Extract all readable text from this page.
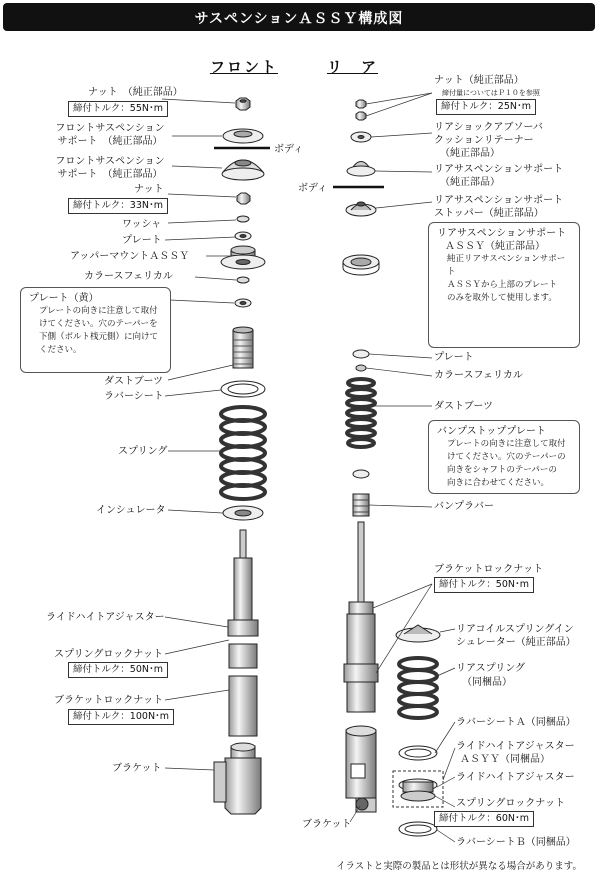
サスペンションＡＳＳＹ構成図
フロント	リ　ア
ナット　（純正部品）
締付トルク：55N･m
フロントサスペンション
サポート　（純正部品）
ボディ
フロントサスペンション
サポート　（純正部品）
ナット
締付トルク：33N･m
ワッシャ
プレート
アッパーマウントＡＳＳＹ
カラースフェリカル
ダストブーツ
ラバーシート
スプリング
インシュレータ
ライドハイトアジャスター
スプリングロックナット
締付トルク：50N･m
ブラケットロックナット
締付トルク：100N･m
ブラケット
プレート（黄）
プレートの向きに注意して取付
けてください。穴のテーパーを
下側（ボルト桟元側）に向けて
ください。
ナット（純正部品）
締付量についてはＰ１０を参照
締付トルク：25N･m
リアショックアブソーバ
クッションリテーナー
（純正部品）
リアサスペンションサポート
（純正部品）
ボディ
リアサスペンションサポート
ストッパー（純正部品）
リアサスペンションサポート
ＡＳＳＹ（純正部品）
純正リアサスペンションサポート
ＡＳＳＹから上部のプレート
のみを取外して使用します。
プレート
カラースフェリカル
ダストブーツ
バンプストッププレート
プレートの向きに注意して取付
けてください。穴のテーパーの
向きをシャフトのテーパーの
向きに合わせてください。
バンプラバー
ブラケットロックナット
締付トルク：50N･m
リアコイルスプリングイン
シュレーター（純正部品）
リアスプリング
（同梱品）
ラバーシートＡ（同梱品）
ライドハイトアジャスター
ＡＳＹＹ（同梱品）
ライドハイトアジャスター
スプリングロックナット
締付トルク：60N･m
ラバーシートＢ（同梱品）
ブラケット
イラストと実際の製品とは形状が異なる場合があります。
